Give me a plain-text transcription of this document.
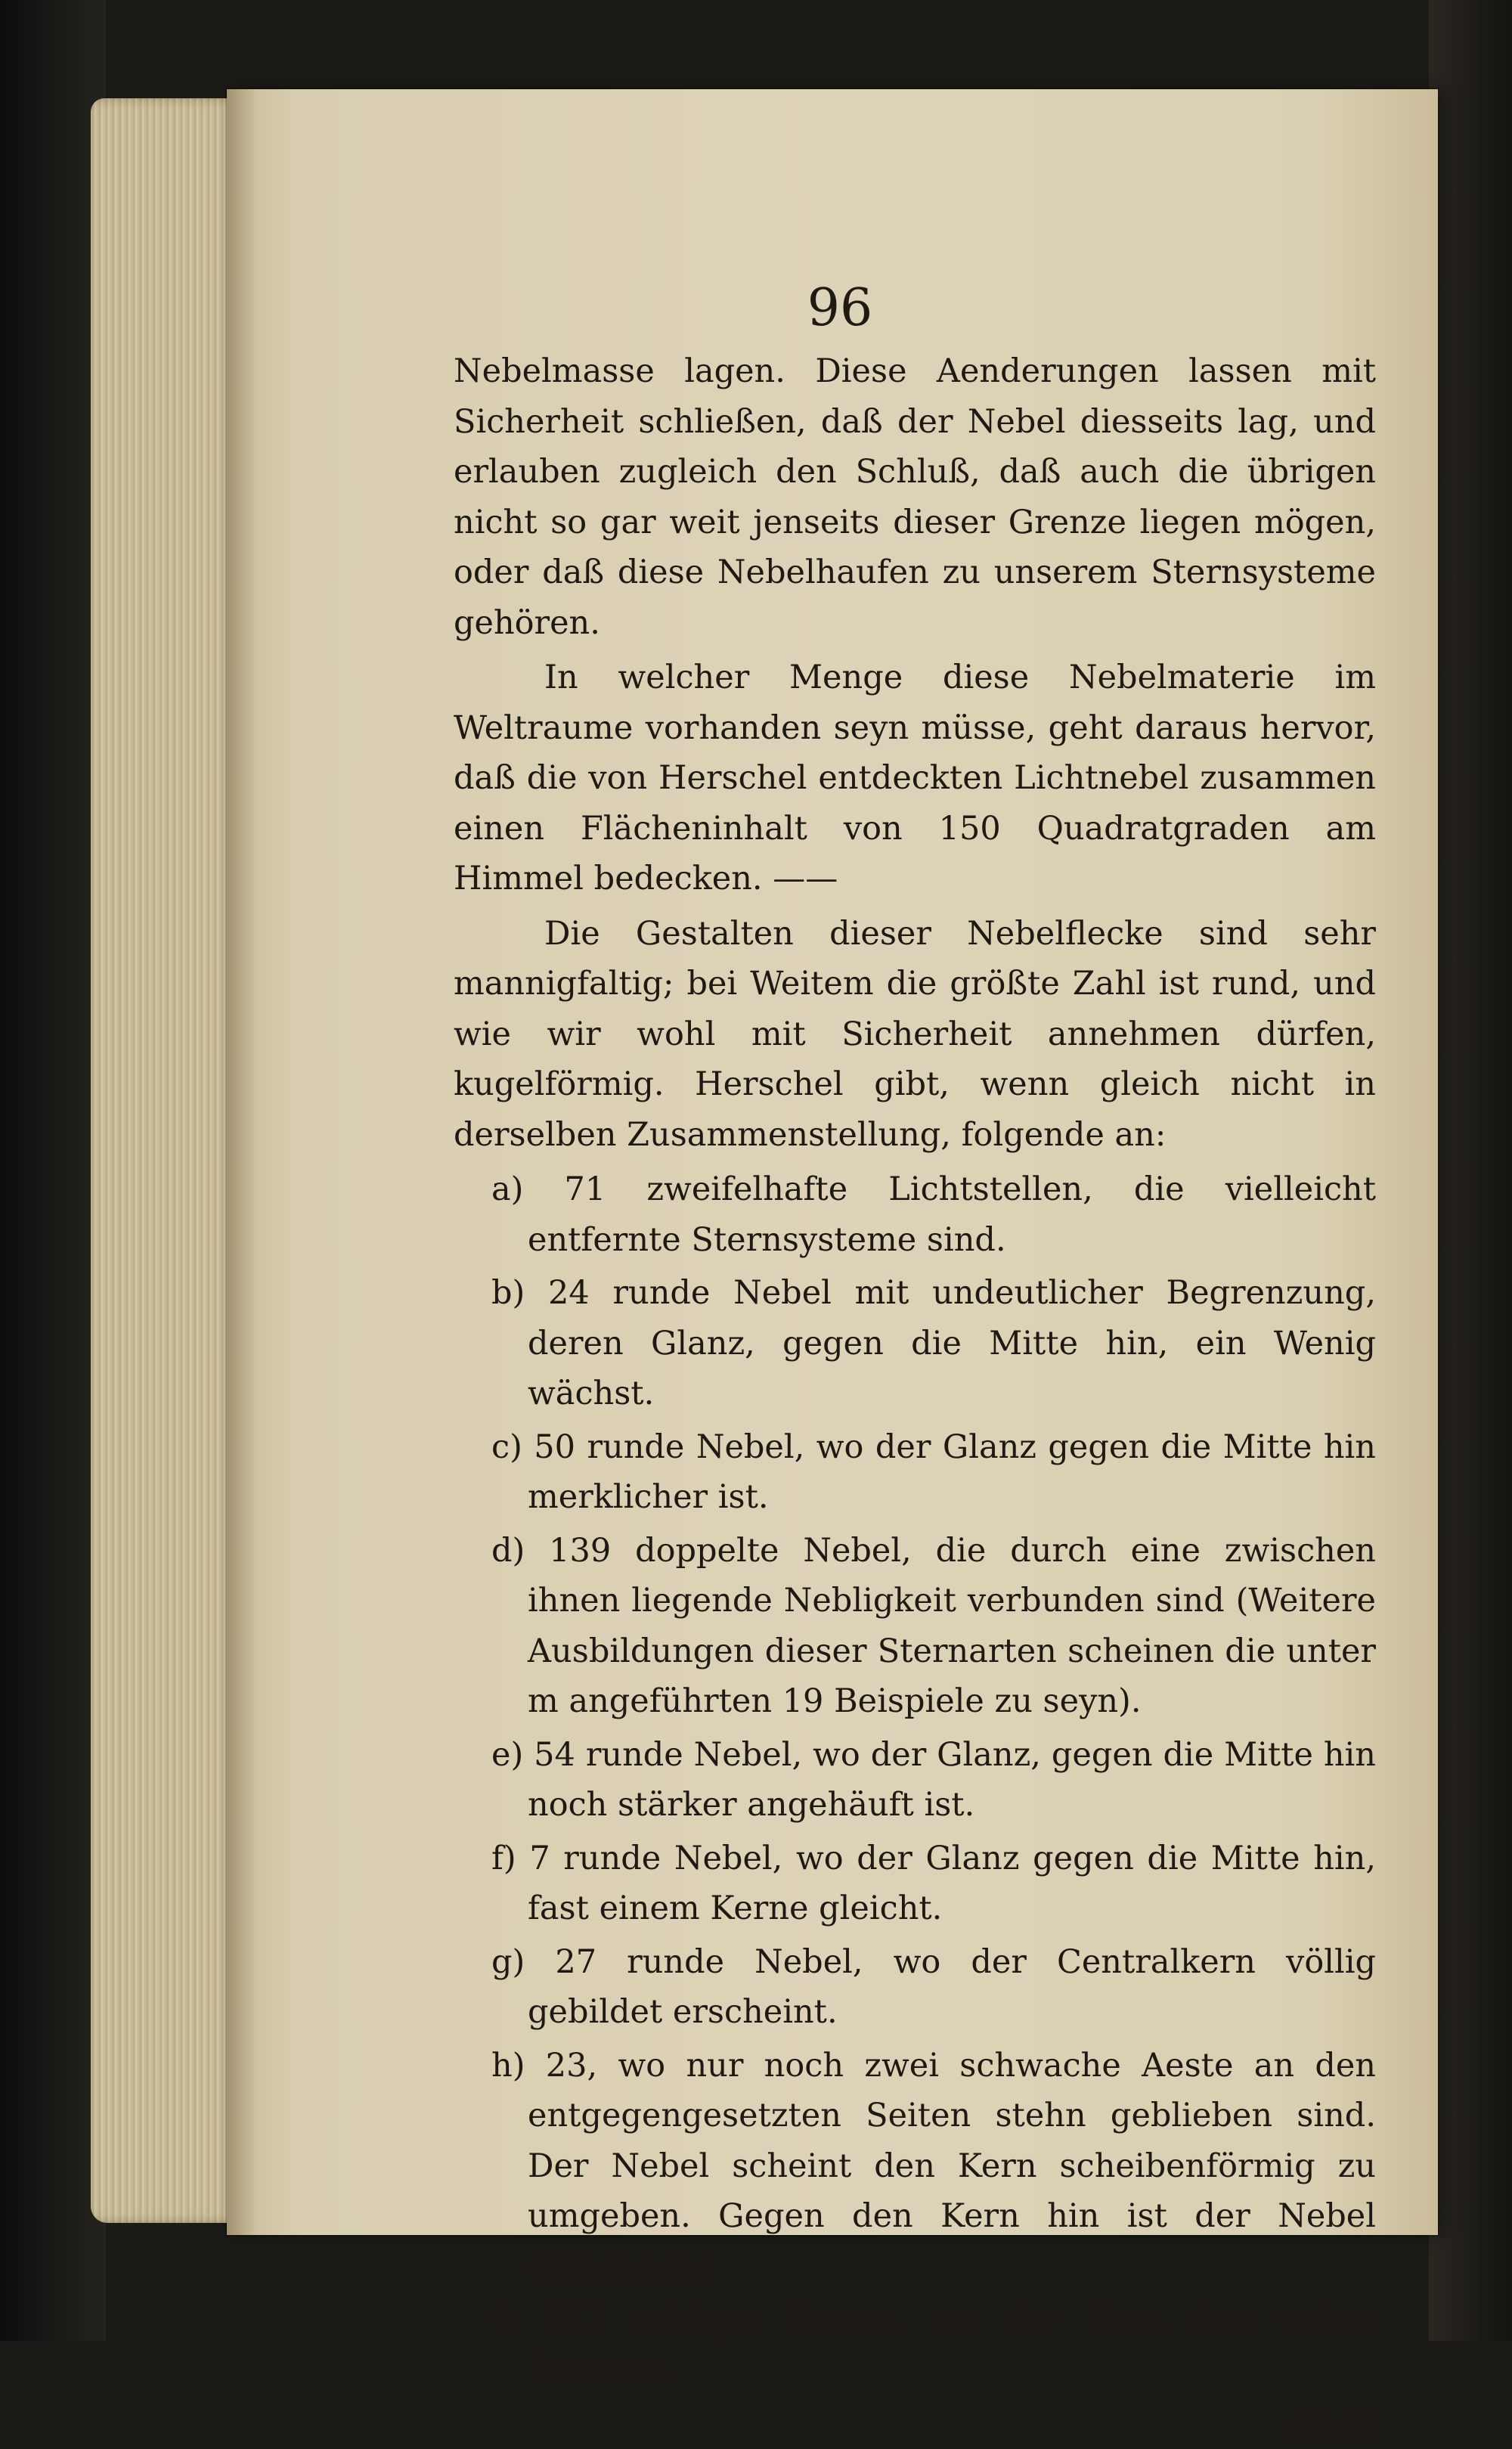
96

Nebelmasse lagen. Diese Aenderungen lassen mit Sicherheit schließen, daß der Nebel diesseits lag, und erlauben zugleich den Schluß, daß auch die übrigen nicht so gar weit jenseits dieser Grenze liegen mögen, oder daß diese Nebelhaufen zu unserem Sternsysteme gehören.

In welcher Menge diese Nebelmaterie im Weltraume vorhanden seyn müsse, geht daraus hervor, daß die von Herschel entdeckten Lichtnebel zusammen einen Flächeninhalt von 150 Quadratgraden am Himmel bedecken. ——

Die Gestalten dieser Nebelflecke sind sehr mannigfaltig; bei Weitem die größte Zahl ist rund, und wie wir wohl mit Sicherheit annehmen dürfen, kugelförmig. Herschel gibt, wenn gleich nicht in derselben Zusammenstellung, folgende an:

a) 71 zweifelhafte Lichtstellen, die vielleicht entfernte Sternsysteme sind.

b) 24 runde Nebel mit undeutlicher Begrenzung, deren Glanz, gegen die Mitte hin, ein Wenig wächst.

c) 50 runde Nebel, wo der Glanz gegen die Mitte hin merklicher ist.

d) 139 doppelte Nebel, die durch eine zwischen ihnen liegende Nebligkeit verbunden sind (Weitere Ausbildungen dieser Sternarten scheinen die unter m angeführten 19 Beispiele zu seyn).

e) 54 runde Nebel, wo der Glanz, gegen die Mitte hin noch stärker angehäuft ist.

f) 7 runde Nebel, wo der Glanz gegen die Mitte hin, fast einem Kerne gleicht.

g) 27 runde Nebel, wo der Centralkern völlig gebildet erscheint.

h) 23, wo nur noch zwei schwache Aeste an den entgegengesetzten Seiten stehn geblieben sind. Der Nebel scheint den Kern scheibenförmig zu umgeben. Gegen den Kern hin ist der Nebel glänzender.

i) 322 nebligte Sterne, wo der Kern den vollen Sternen-

glanz
